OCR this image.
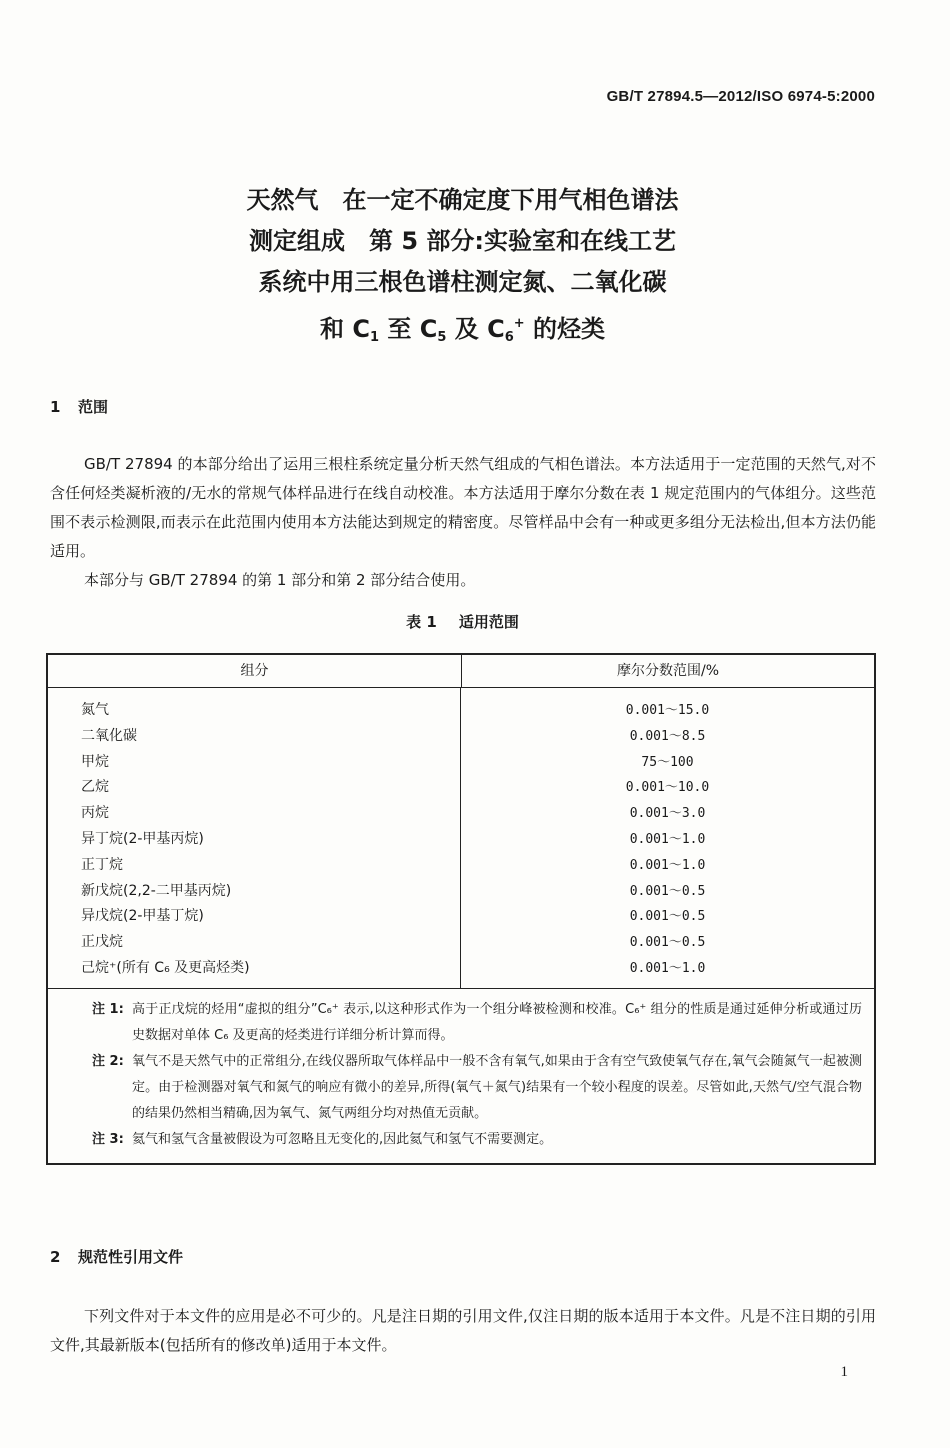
GB/T 27894.5—2012/ISO 6974-5:2000
天然气　在一定不确定度下用气相色谱法
测定组成　第 5 部分:实验室和在线工艺
系统中用三根色谱柱测定氮、二氧化碳
和 $C_1$ 至 $C_5$ 及 $C_6^+$ 的烃类
1 范围
GB/T 27894 的本部分给出了运用三根柱系统定量分析天然气组成的气相色谱法。本方法适用于一定范围的天然气,对不含任何烃类凝析液的/无水的常规气体样品进行在线自动校准。本方法适用于摩尔分数在表 1 规定范围内的气体组分。这些范围不表示检测限,而表示在此范围内使用本方法能达到规定的精密度。尽管样品中会有一种或更多组分无法检出,但本方法仍能适用。
本部分与 GB/T 27894 的第 1 部分和第 2 部分结合使用。
表 1 适用范围
组分	摩尔分数范围/%
氮气
二氧化碳
甲烷
乙烷
丙烷
异丁烷(2-甲基丙烷)
正丁烷
新戊烷(2,2-二甲基丙烷)
异戊烷(2-甲基丁烷)
正戊烷
己烷⁺(所有 C₆ 及更高烃类)
0.001～15.0
0.001～8.5
75～100
0.001～10.0
0.001～3.0
0.001～1.0
0.001～1.0
0.001～0.5
0.001～0.5
0.001～0.5
0.001～1.0
注 1: 高于正戊烷的烃用“虚拟的组分”C₆⁺ 表示,以这种形式作为一个组分峰被检测和校准。C₆⁺ 组分的性质是通过延伸分析或通过历史数据对单体 C₆ 及更高的烃类进行详细分析计算而得。
注 2: 氧气不是天然气中的正常组分,在线仪器所取气体样品中一般不含有氧气,如果由于含有空气致使氧气存在,氧气会随氮气一起被测定。由于检测器对氧气和氮气的响应有微小的差异,所得(氧气＋氮气)结果有一个较小程度的误差。尽管如此,天然气/空气混合物的结果仍然相当精确,因为氧气、氮气两组分均对热值无贡献。
注 3: 氦气和氢气含量被假设为可忽略且无变化的,因此氦气和氢气不需要测定。
2 规范性引用文件
下列文件对于本文件的应用是必不可少的。凡是注日期的引用文件,仅注日期的版本适用于本文件。凡是不注日期的引用文件,其最新版本(包括所有的修改单)适用于本文件。
1
